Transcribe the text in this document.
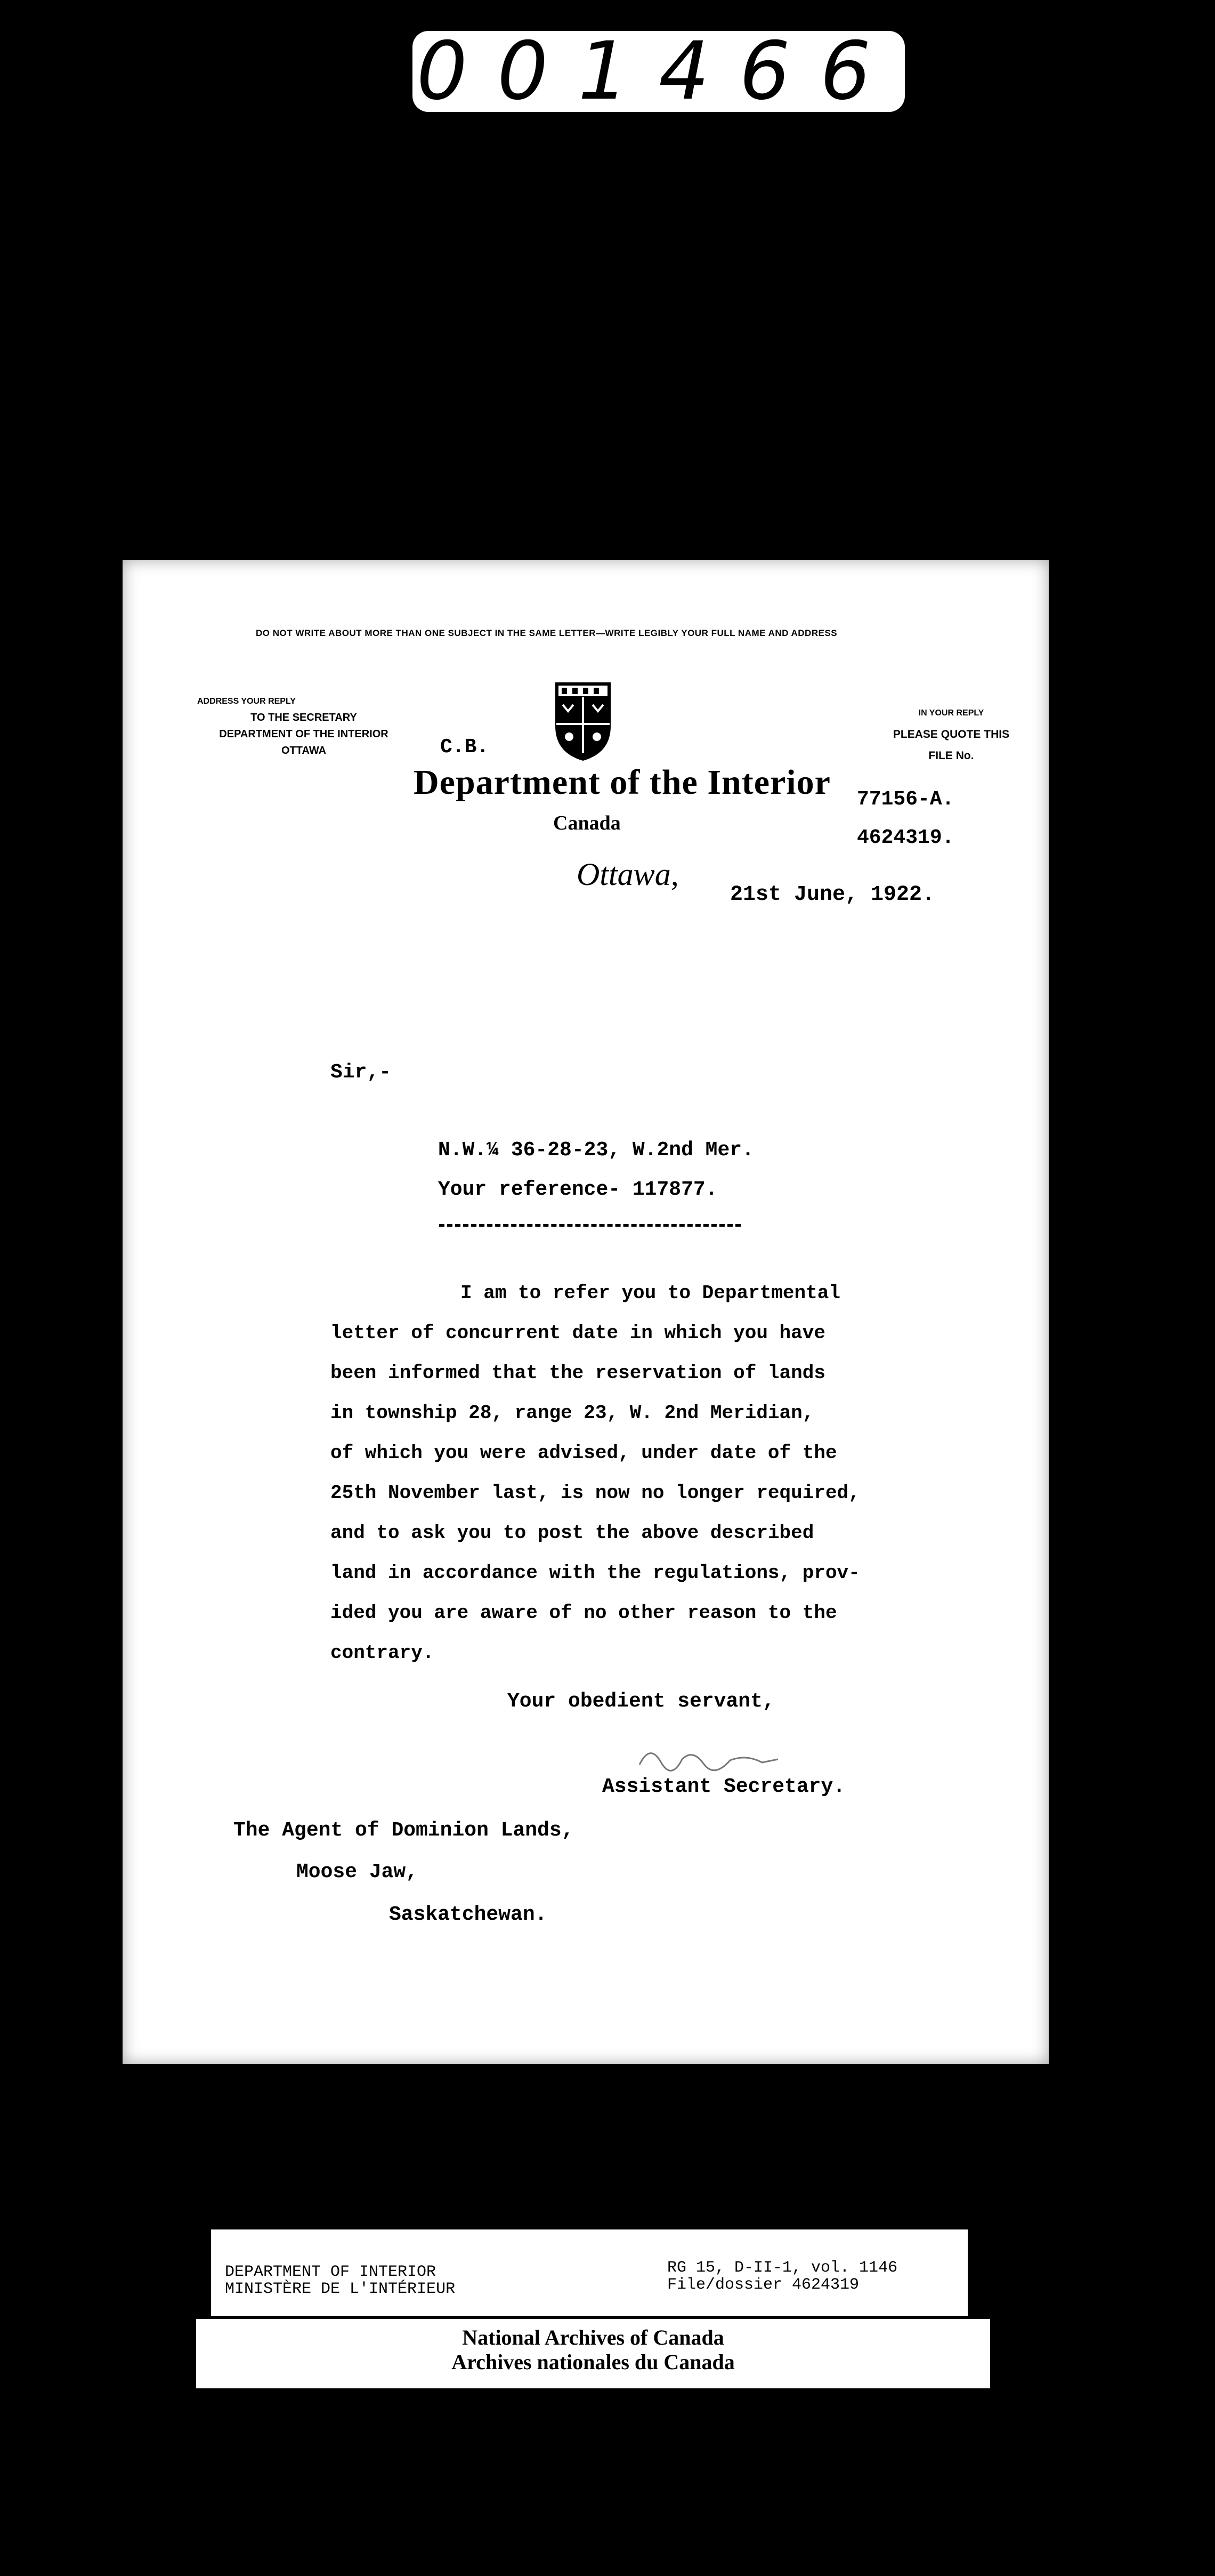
001466
DO NOT WRITE ABOUT MORE THAN ONE SUBJECT IN THE SAME LETTER—WRITE LEGIBLY YOUR FULL NAME AND ADDRESS
ADDRESS YOUR REPLY
TO THE SECRETARY
DEPARTMENT OF THE INTERIOR
OTTAWA
IN YOUR REPLY
PLEASE QUOTE THIS
FILE No.
C.B.
Department of the Interior
Canada
Ottawa,
77156-A.
4624319.
21st June, 1922.
Sir,-
N.W.¼ 36-28-23, W.2nd Mer.
Your reference- 117877.
I am to refer you to Departmental
letter of concurrent date in which you have
been informed that the reservation of lands
in township 28, range 23, W. 2nd Meridian,
of which you were advised, under date of the
25th November last, is now no longer required,
and to ask you to post the above described
land in accordance with the regulations, prov-
ided you are aware of no other reason to the
contrary.
Your obedient servant,
Assistant Secretary.
The Agent of Dominion Lands,
Moose Jaw,
Saskatchewan.
DEPARTMENT OF INTERIOR
MINISTÈRE DE L'INTÉRIEUR
RG 15, D-II-1, vol. 1146
File/dossier 4624319
National Archives of Canada
Archives nationales du Canada
